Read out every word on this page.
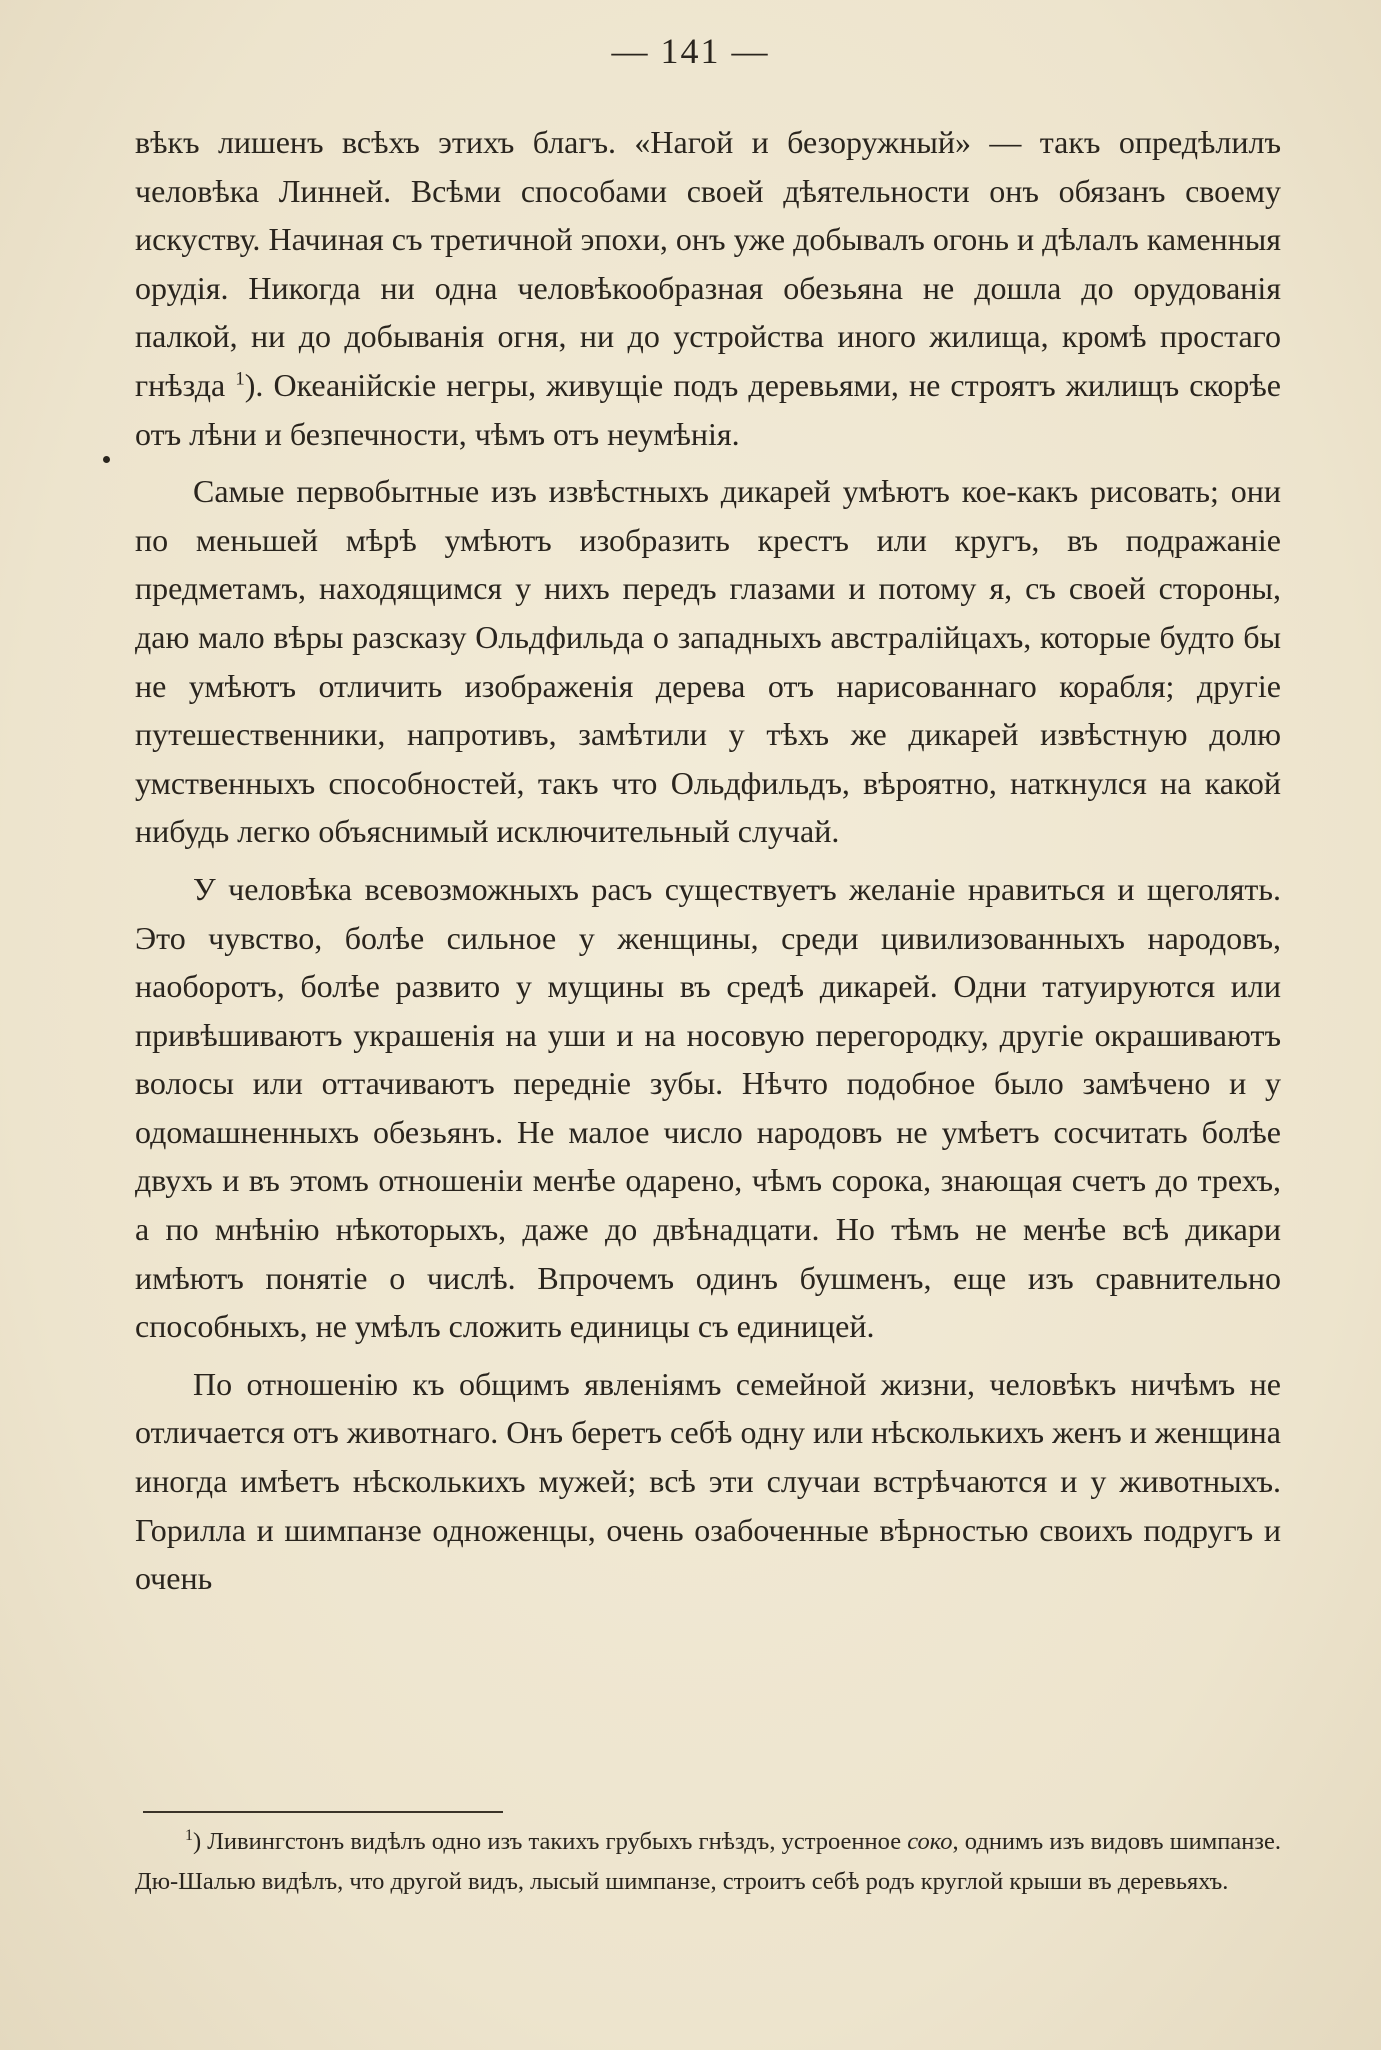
— 141 —

вѣкъ лишенъ всѣхъ этихъ благъ. «Нагой и безоружный» — такъ опредѣлилъ человѣка Линней. Всѣми способами своей дѣятельности онъ обязанъ своему искуству. Начиная съ третичной эпохи, онъ уже добывалъ огонь и дѣлалъ каменныя орудія. Никогда ни одна человѣкообразная обезьяна не дошла до орудованія палкой, ни до добыванія огня, ни до устройства иного жилища, кромѣ простаго гнѣзда $^1$). Океанійскіе негры, живущіе подъ деревьями, не строятъ жилищъ скорѣе отъ лѣни и безпечности, чѣмъ отъ неумѣнія.

Самые первобытные изъ извѣстныхъ дикарей умѣютъ кое-какъ рисовать; они по меньшей мѣрѣ умѣютъ изобразить крестъ или кругъ, въ подражаніе предметамъ, находящимся у нихъ передъ глазами и потому я, съ своей стороны, даю мало вѣры разсказу Ольдфильда о западныхъ австралійцахъ, которые будто бы не умѣютъ отличить изображенія дерева отъ нарисованнаго корабля; другіе путешественники, напротивъ, замѣтили у тѣхъ же дикарей извѣстную долю умственныхъ способностей, такъ что Ольдфильдъ, вѣроятно, наткнулся на какой нибудь легко объяснимый исключительный случай.

У человѣка всевозможныхъ расъ существуетъ желаніе нравиться и щеголять. Это чувство, болѣе сильное у женщины, среди цивилизованныхъ народовъ, наоборотъ, болѣе развито у мущины въ средѣ дикарей. Одни татуируются или привѣшиваютъ украшенія на уши и на носовую перегородку, другіе окрашиваютъ волосы или оттачиваютъ передніе зубы. Нѣчто подобное было замѣчено и у одомашненныхъ обезьянъ. Не малое число народовъ не умѣетъ сосчитать болѣе двухъ и въ этомъ отношеніи менѣе одарено, чѣмъ сорока, знающая счетъ до трехъ, а по мнѣнію нѣкоторыхъ, даже до двѣнадцати. Но тѣмъ не менѣе всѣ дикари имѣютъ понятіе о числѣ. Впрочемъ одинъ бушменъ, еще изъ сравнительно способныхъ, не умѣлъ сложить единицы съ единицей.

По отношенію къ общимъ явленіямъ семейной жизни, человѣкъ ничѣмъ не отличается отъ животнаго. Онъ беретъ себѣ одну или нѣсколькихъ женъ и женщина иногда имѣетъ нѣсколькихъ мужей; всѣ эти случаи встрѣчаются и у животныхъ. Горилла и шимпанзе одноженцы, очень озабоченные вѣрностью своихъ подругъ и очень

$^1$) Ливингстонъ видѣлъ одно изъ такихъ грубыхъ гнѣздъ, устроенное соко, однимъ изъ видовъ шимпанзе. Дю-Шалью видѣлъ, что другой видъ, лысый шимпанзе, строитъ себѣ родъ круглой крыши въ деревьяхъ.
